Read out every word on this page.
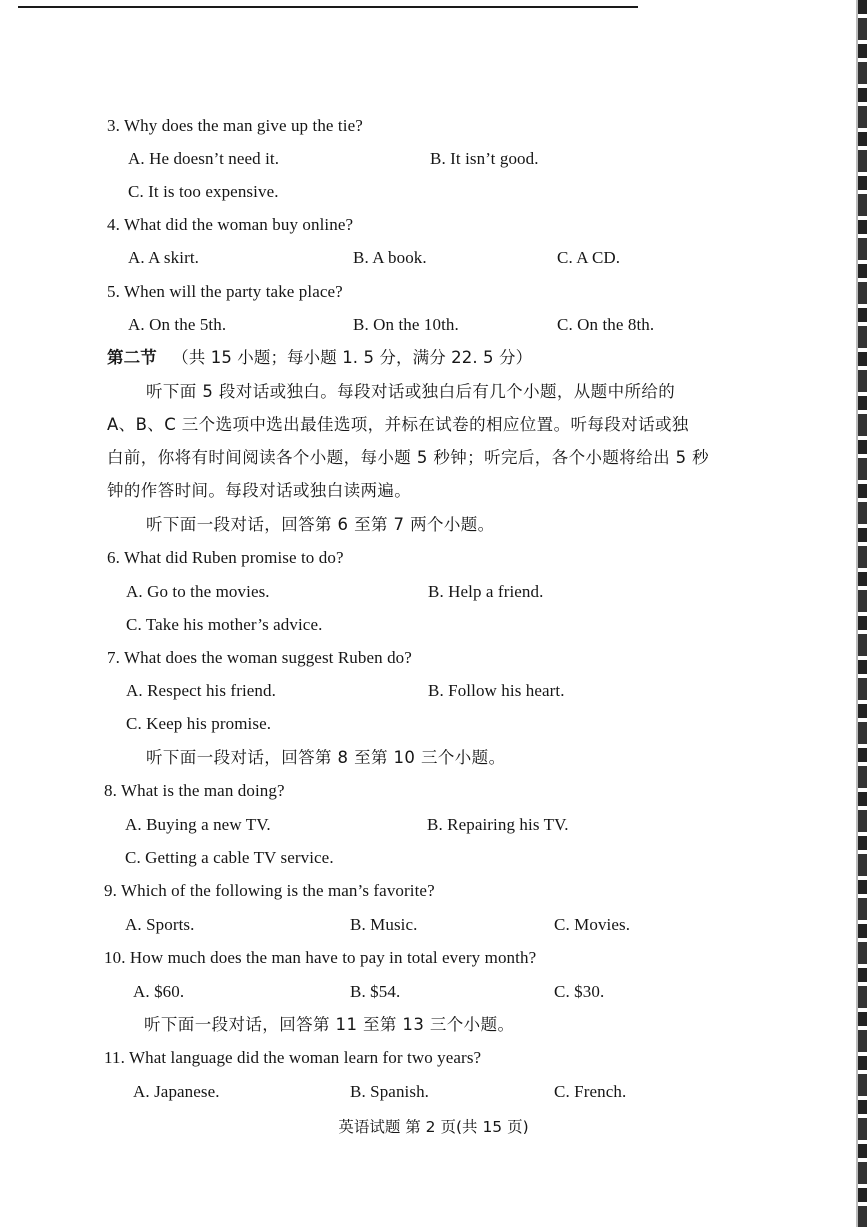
3. Why does the man give up the tie?
A. He doesn’t need it.	B. It isn’t good.
C. It is too expensive.
4. What did the woman buy online?
A. A skirt.	B. A book.	C. A CD.
5. When will the party take place?
A. On the 5th.	B. On the 10th.	C. On the 8th.
第二节 （共 15 小题；每小题 1. 5 分，满分 22. 5 分）
听下面 5 段对话或独白。每段对话或独白后有几个小题，从题中所给的
A、B、C 三个选项中选出最佳选项，并标在试卷的相应位置。听每段对话或独
白前，你将有时间阅读各个小题，每小题 5 秒钟；听完后，各个小题将给出 5 秒
钟的作答时间。每段对话或独白读两遍。
听下面一段对话，回答第 6 至第 7 两个小题。
6. What did Ruben promise to do?
A. Go to the movies.	B. Help a friend.
C. Take his mother’s advice.
7. What does the woman suggest Ruben do?
A. Respect his friend.	B. Follow his heart.
C. Keep his promise.
听下面一段对话，回答第 8 至第 10 三个小题。
8. What is the man doing?
A. Buying a new TV.	B. Repairing his TV.
C. Getting a cable TV service.
9. Which of the following is the man’s favorite?
A. Sports.	B. Music.	C. Movies.
10. How much does the man have to pay in total every month?
A. $60.	B. $54.	C. $30.
听下面一段对话，回答第 11 至第 13 三个小题。
11. What language did the woman learn for two years?
A. Japanese.	B. Spanish.	C. French.
英语试题 第 2 页(共 15 页)
